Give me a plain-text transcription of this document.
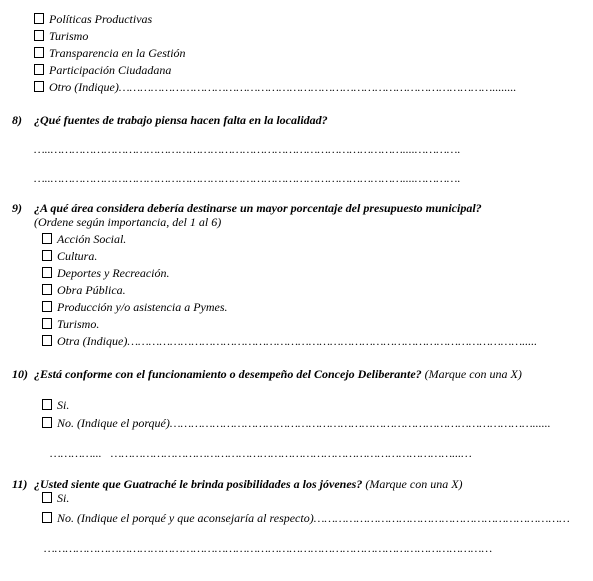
Políticas Productivas
Turismo
Transparencia en la Gestión
Participación Ciudadana
Otro (Indique)……………………………………………………………………………………………........
8) ¿Qué fuentes de trabajo piensa hacen falta en la localidad?
…..………………………………………………………………………………………....………….
…..………………………………………………………………………………………....………….
9) ¿A qué área considera debería destinarse un mayor porcentaje del presupuesto municipal?
(Ordene según importancia, del 1 al 6)
Acción Social.
Cultura.
Deportes y Recreación.
Obra Pública.
Producción y/o asistencia a Pymes.
Turismo.
Otra (Indique)………………………………………………………………………………………………….....
10) ¿Está conforme con el funcionamiento o desempeño del Concejo Deliberante? (Marque con una X)
Si.
No. (Indique el porqué)…………………………………………………………………………………………......
…………... ……………………………………………………………………………………...…
11) ¿Usted siente que Guatraché le brinda posibilidades a los jóvenes? (Marque con una X)
Si.
No. (Indique el porqué y que aconsejaría al respecto)………………………………………………………………
………………………………………………………………………………………………………………
